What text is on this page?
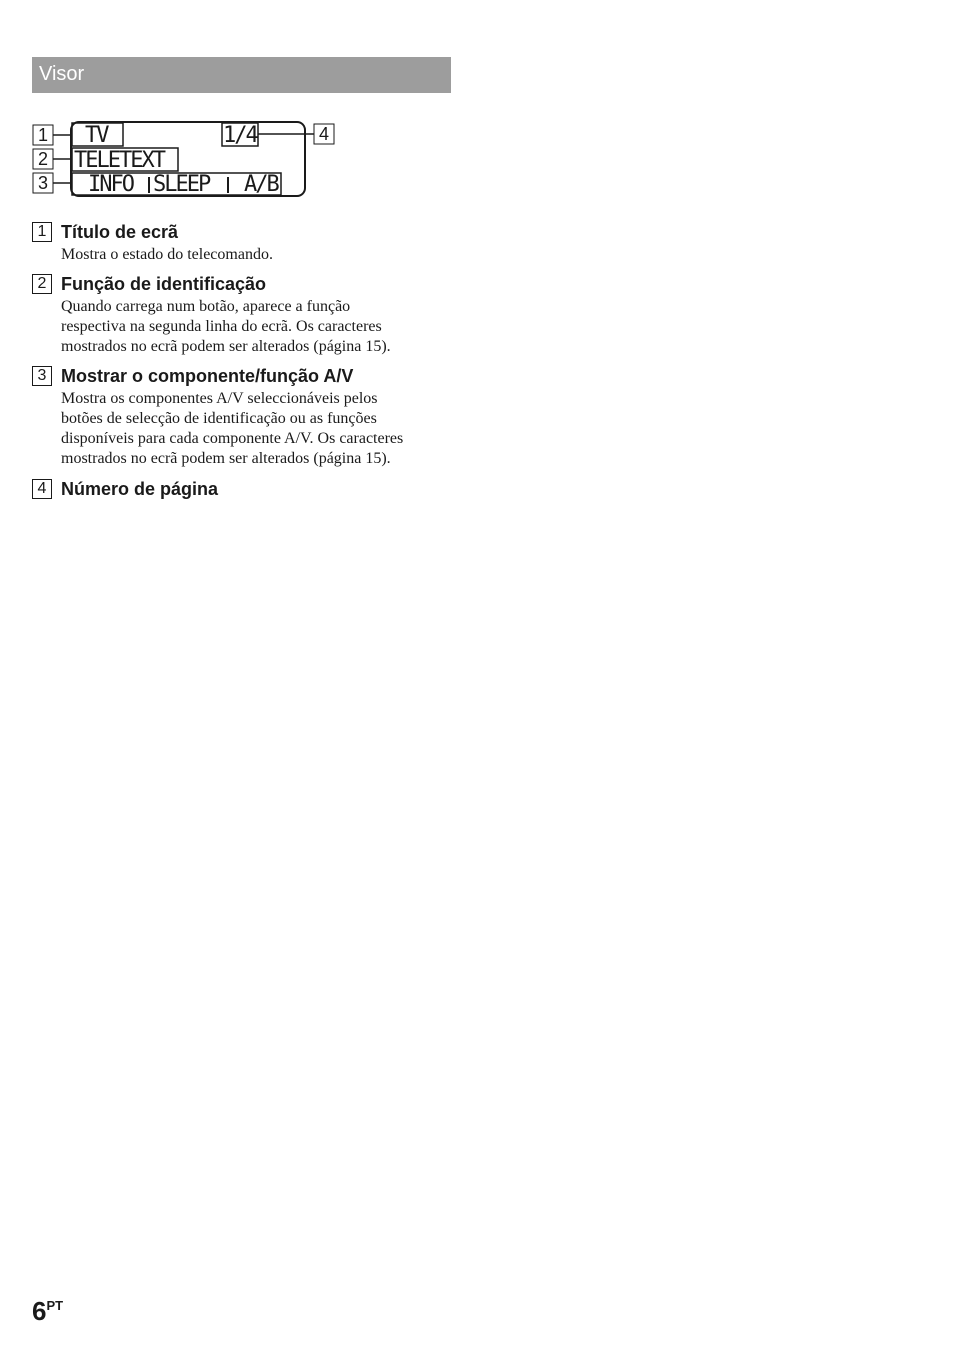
Visor
1
2
3
4
TV	1/4
TELETEXT
INFO SLEEP A/B
1 Título de ecrã
Mostra o estado do telecomando.
2 Função de identificação
Quando carrega num botão, aparece a função
respectiva na segunda linha do ecrã. Os caracteres
mostrados no ecrã podem ser alterados (página 15).
3 Mostrar o componente/função A/V
Mostra os componentes A/V seleccionáveis pelos
botões de selecção de identificação ou as funções
disponíveis para cada componente A/V. Os caracteres
mostrados no ecrã podem ser alterados (página 15).
4 Número de página
$6^{PT}$
